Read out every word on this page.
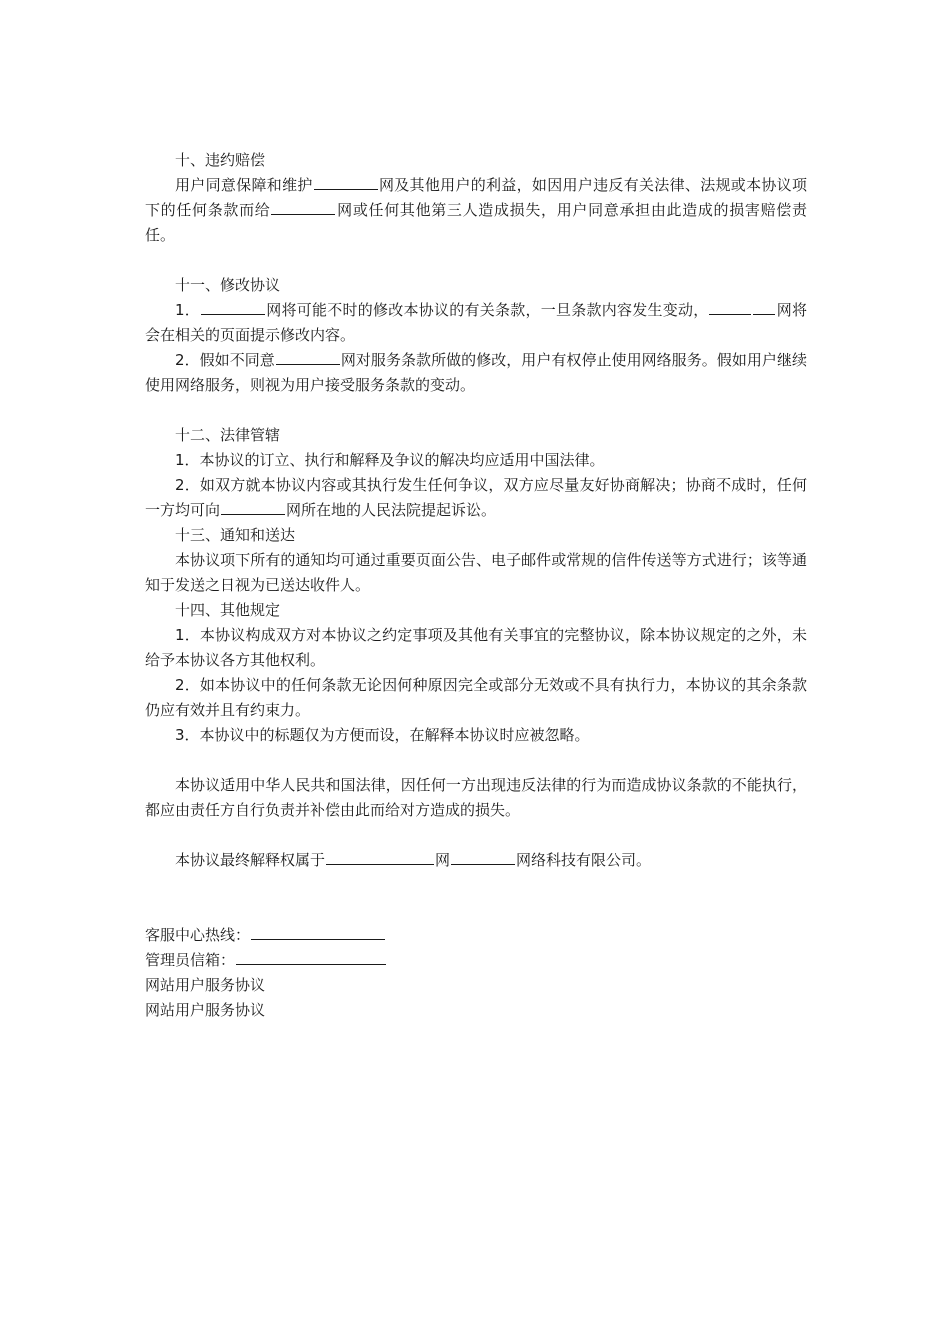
十、违约赔偿

用户同意保障和维护	网及其他用户的利益，如因用户违反有关法律、法规或本协议项下的任何条款而给	网或任何其他第三人造成损失，用户同意承担由此造成的损害赔偿责任。

十一、修改协议

1．	网将可能不时的修改本协议的有关条款，一旦条款内容发生变动，	网将会在相关的页面提示修改内容。

2．假如不同意	网对服务条款所做的修改，用户有权停止使用网络服务。假如用户继续使用网络服务，则视为用户接受服务条款的变动。

十二、法律管辖

1．本协议的订立、执行和解释及争议的解决均应适用中国法律。

2．如双方就本协议内容或其执行发生任何争议，双方应尽量友好协商解决；协商不成时，任何一方均可向	网所在地的人民法院提起诉讼。

十三、通知和送达

本协议项下所有的通知均可通过重要页面公告、电子邮件或常规的信件传送等方式进行；该等通知于发送之日视为已送达收件人。

十四、其他规定

1．本协议构成双方对本协议之约定事项及其他有关事宜的完整协议，除本协议规定的之外，未给予本协议各方其他权利。

2．如本协议中的任何条款无论因何种原因完全或部分无效或不具有执行力，本协议的其余条款仍应有效并且有约束力。

3．本协议中的标题仅为方便而设，在解释本协议时应被忽略。

本协议适用中华人民共和国法律，因任何一方出现违反法律的行为而造成协议条款的不能执行，都应由责任方自行负责并补偿由此而给对方造成的损失。

本协议最终解释权属于	网	网络科技有限公司。

客服中心热线：

管理员信箱：

网站用户服务协议

网站用户服务协议
